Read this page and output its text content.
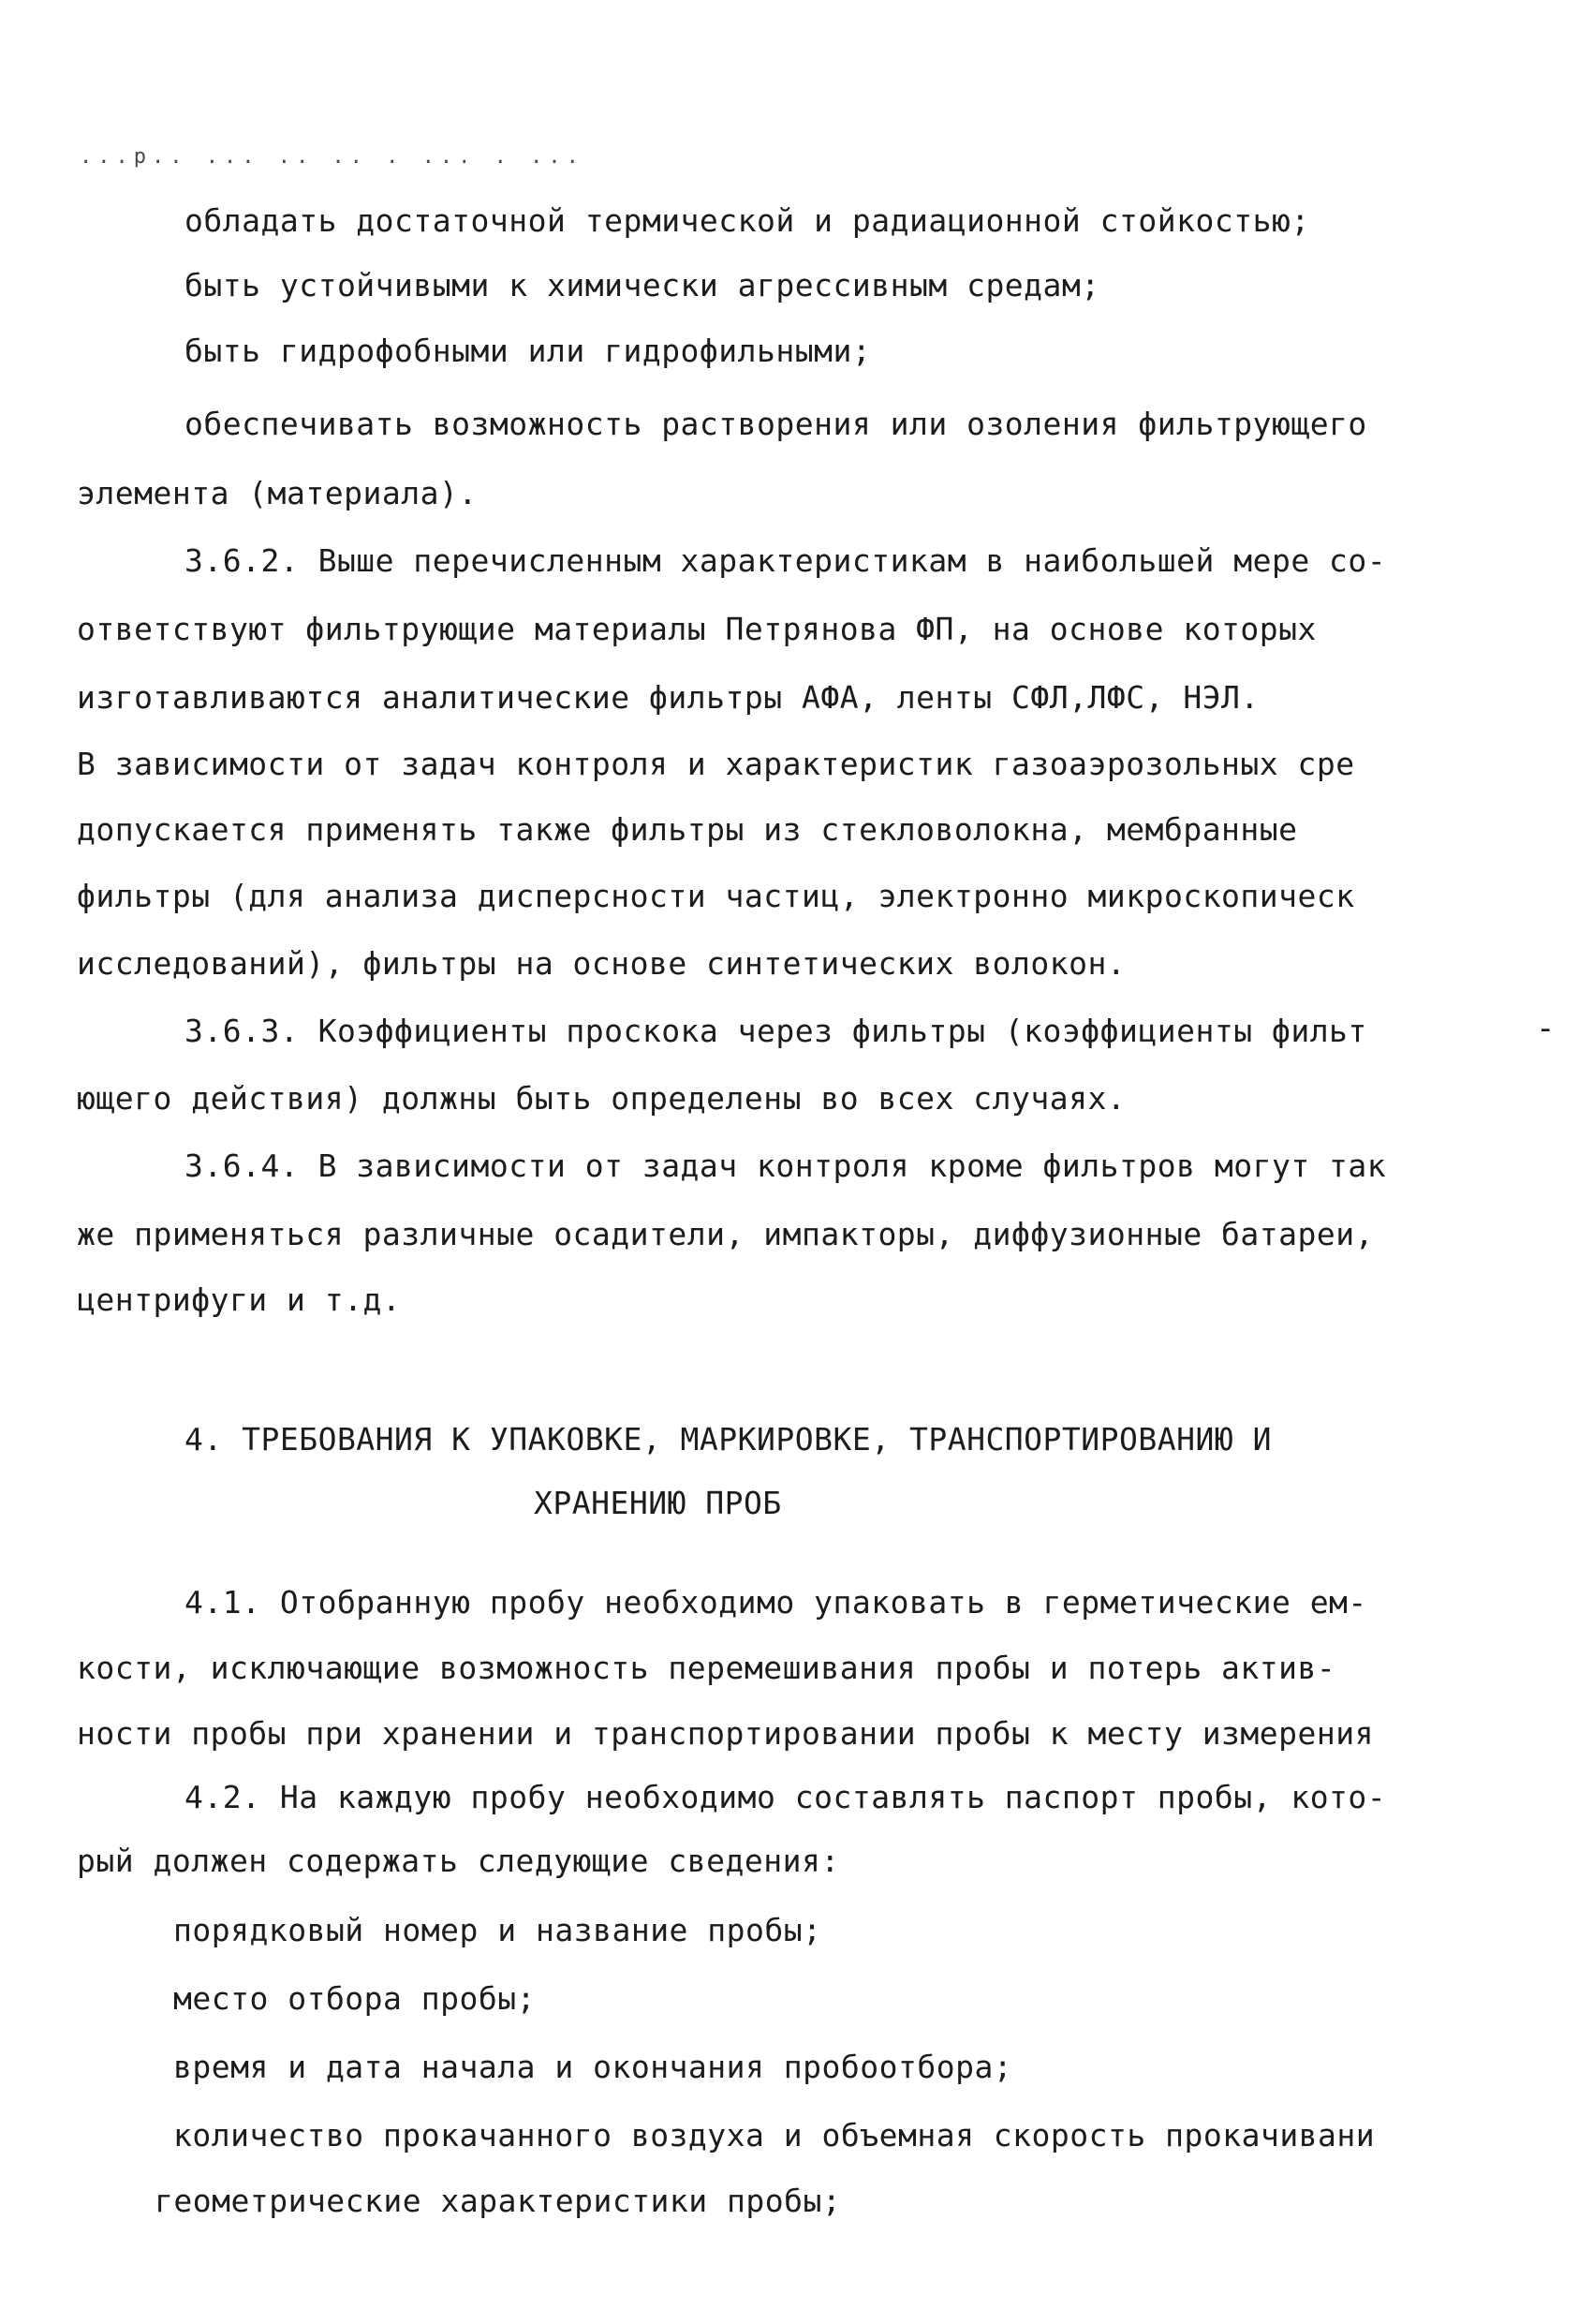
...р.. ... .. .. . ... . ...
обладать достаточной термической и радиационной стойкостью;
быть устойчивыми к химически агрессивным средам;
быть гидрофобными или гидрофильными;
обеспечивать возможность растворения или озоления фильтрующего
элемента (материала).
3.6.2. Выше перечисленным характеристикам в наибольшей мере со-
ответствуют фильтрующие материалы Петрянова ФП, на основе которых
изготавливаются аналитические фильтры АФА, ленты СФЛ,ЛФС, НЭЛ.
В зависимости от задач контроля и характеристик газоаэрозольных сре
допускается применять также фильтры из стекловолокна, мембранные
фильтры (для анализа дисперсности частиц, электронно микроскопическ
исследований), фильтры на основе синтетических волокон.
3.6.3. Коэффициенты проскока через фильтры (коэффициенты фильт	-
ющего действия) должны быть определены во всех случаях.
3.6.4. В зависимости от задач контроля кроме фильтров могут так
же применяться различные осадители, импакторы, диффузионные батареи,
центрифуги и т.д.
4. ТРЕБОВАНИЯ К УПАКОВКЕ, МАРКИРОВКЕ, ТРАНСПОРТИРОВАНИЮ И
ХРАНЕНИЮ ПРОБ
4.1. Отобранную пробу необходимо упаковать в герметические ем-
кости, исключающие возможность перемешивания пробы и потерь актив-
ности пробы при хранении и транспортировании пробы к месту измерения
4.2. На каждую пробу необходимо составлять паспорт пробы, кото-
рый должен содержать следующие сведения:
порядковый номер и название пробы;
место отбора пробы;
время и дата начала и окончания пробоотбора;
количество прокачанного воздуха и объемная скорость прокачивани
геометрические характеристики пробы;
